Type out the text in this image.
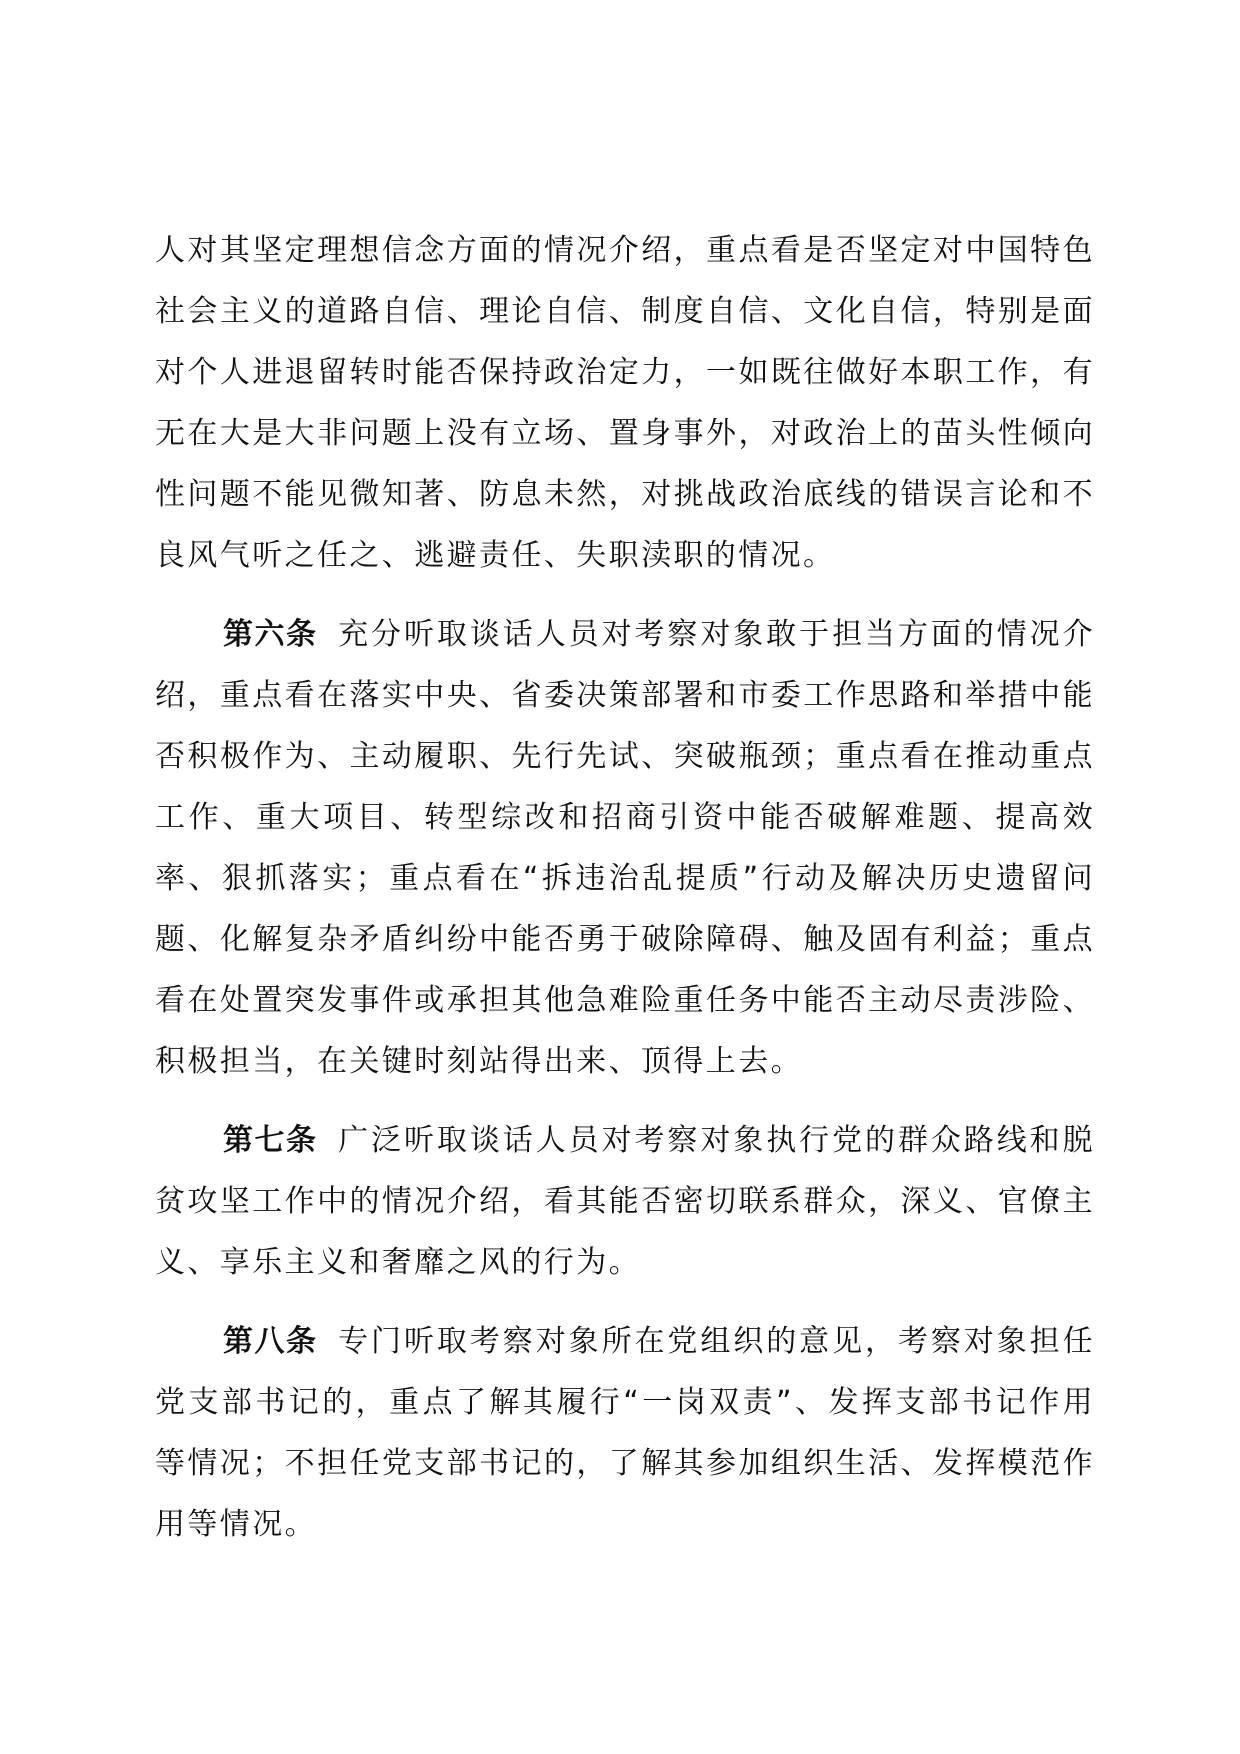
人对其坚定理想信念方面的情况介绍，重点看是否坚定对中国特色社会主义的道路自信、理论自信、制度自信、文化自信，特别是面对个人进退留转时能否保持政治定力，一如既往做好本职工作，有无在大是大非问题上没有立场、置身事外，对政治上的苗头性倾向性问题不能见微知著、防息未然，对挑战政治底线的错误言论和不良风气听之任之、逃避责任、失职渎职的情况。

第六条 充分听取谈话人员对考察对象敢于担当方面的情况介绍，重点看在落实中央、省委决策部署和市委工作思路和举措中能否积极作为、主动履职、先行先试、突破瓶颈；重点看在推动重点工作、重大项目、转型综改和招商引资中能否破解难题、提高效率、狠抓落实；重点看在“拆违治乱提质”行动及解决历史遗留问题、化解复杂矛盾纠纷中能否勇于破除障碍、触及固有利益；重点看在处置突发事件或承担其他急难险重任务中能否主动尽责涉险、积极担当，在关键时刻站得出来、顶得上去。

第七条 广泛听取谈话人员对考察对象执行党的群众路线和脱贫攻坚工作中的情况介绍，看其能否密切联系群众，深义、官僚主义、享乐主义和奢靡之风的行为。

第八条 专门听取考察对象所在党组织的意见，考察对象担任党支部书记的，重点了解其履行“一岗双责”、发挥支部书记作用等情况；不担任党支部书记的，了解其参加组织生活、发挥模范作用等情况。
